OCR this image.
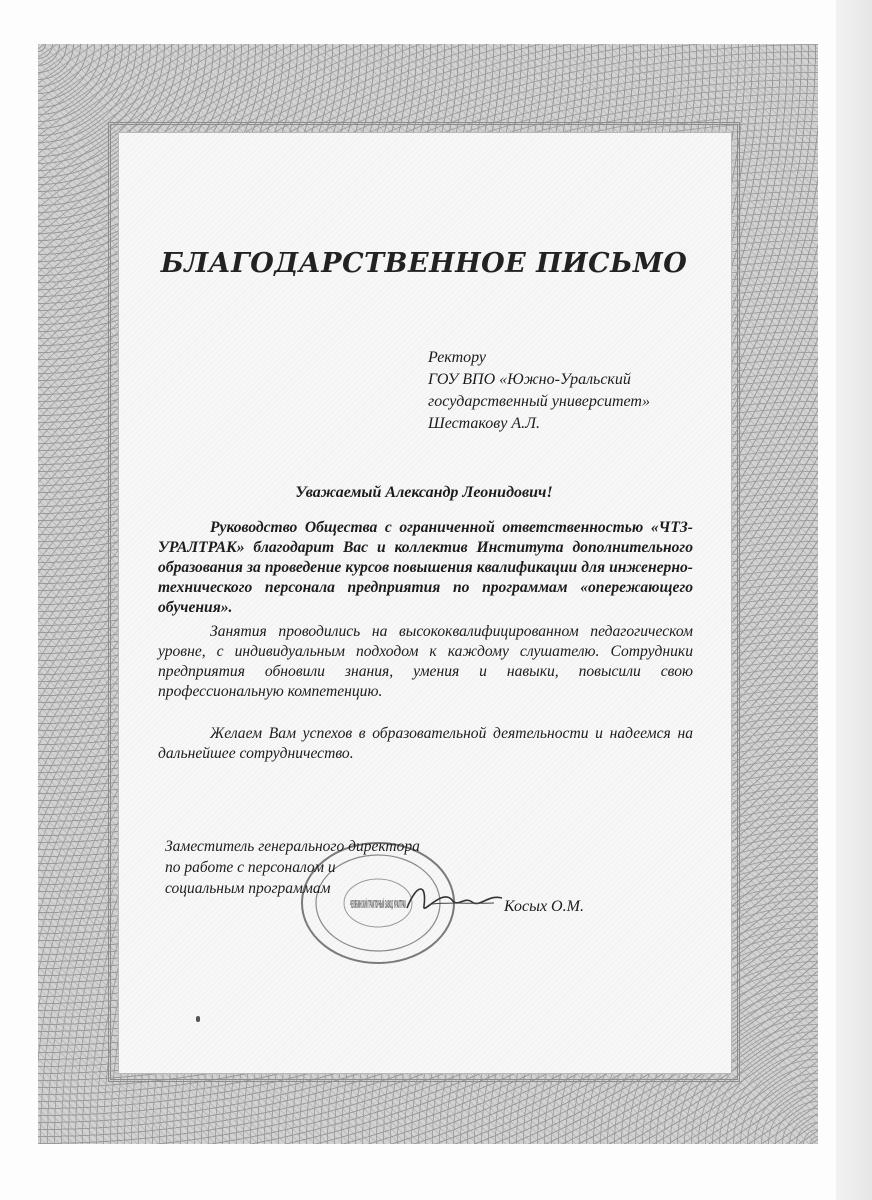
БЛАГОДАРСТВЕННОЕ ПИСЬМО
Ректору
ГОУ ВПО «Южно-Уральский
государственный университет»
Шестакову А.Л.
Уважаемый Александр Леонидович!
Руководство Общества с ограниченной ответственностью «ЧТЗ-УРАЛТРАК» благодарит Вас и коллектив Института дополнительного образования за проведение курсов повышения квалификации для инженерно-технического персонала предприятия по программам «опережающего обучения».
Занятия проводились на высококвалифицированном педагогическом уровне, с индивидуальным подходом к каждому слушателю. Сотрудники предприятия обновили знания, умения и навыки, повысили свою профессиональную компетенцию.
Желаем Вам успехов в образовательной деятельности и надеемся на дальнейшее сотрудничество.
ЧЕЛЯБИНСКИЙ ТРАКТОРНЫЙ ЗАВОД УРАЛТРАК
Заместитель генерального директора
по работе с персоналом и
социальным программам
Косых О.М.
